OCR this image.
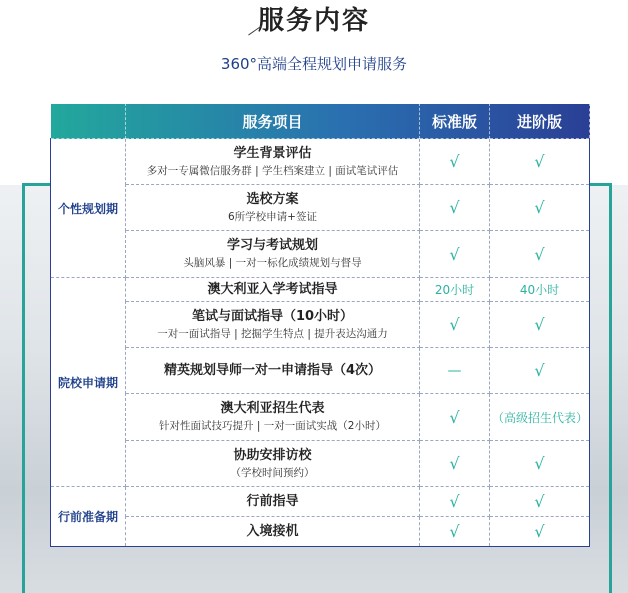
服务内容
360°高端全程规划申请服务
	服务项目	标准版	进阶版
个性规划期	学生背景评估
多对一专属微信服务群 | 学生档案建立 | 面试笔试评估	√	√

	选校方案
6所学校申请+签证	√	√

	学习与考试规划
头脑风暴 | 一对一标化成绩规划与督导	√	√
院校申请期	澳大利亚入学考试指导	20小时	40小时

	笔试与面试指导（10小时）
一对一面试指导 | 挖掘学生特点 | 提升表达沟通力	√	√

	精英规划导师一对一申请指导（4次）	—	√

	澳大利亚招生代表
针对性面试技巧提升 | 一对一面试实战（2小时）	√	（高级招生代表）

	协助安排访校
（学校时间预约）	√	√
行前准备期	行前指导	√	√

	入境接机	√	√
